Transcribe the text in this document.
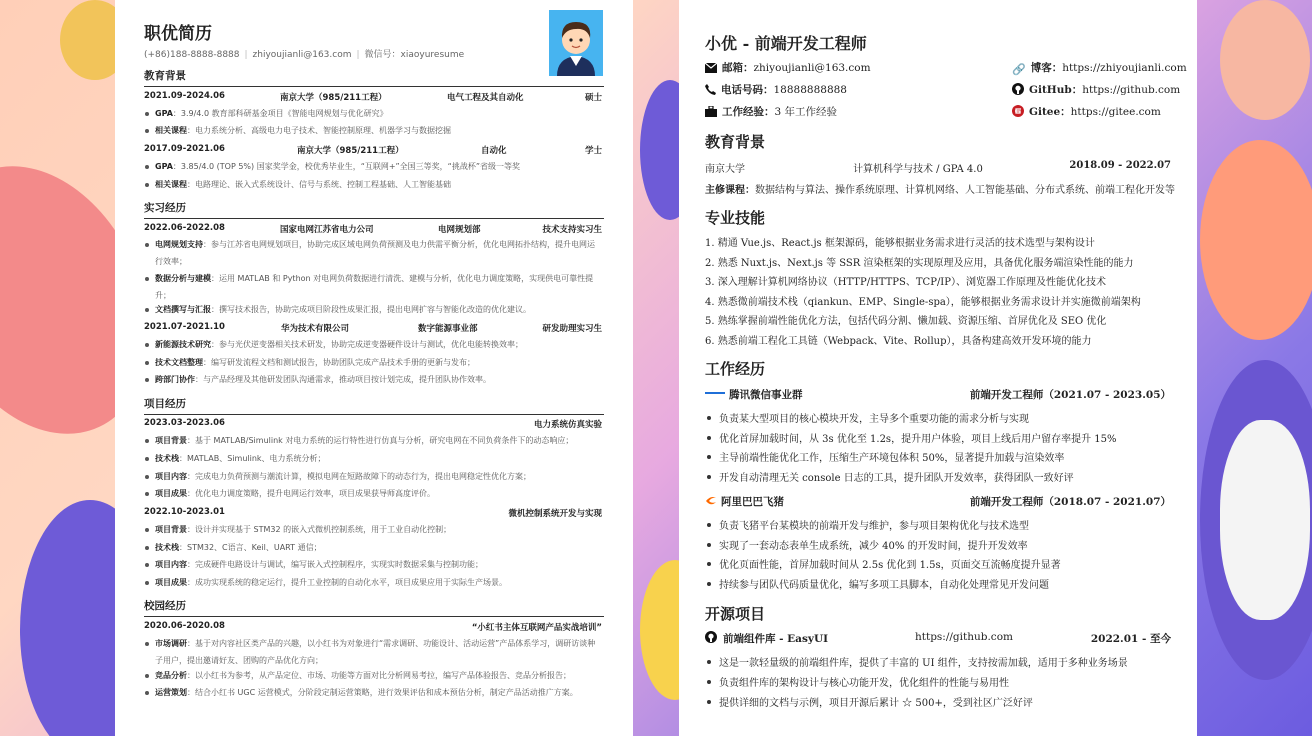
职优简历
(+86)188-8888-8888 | zhiyoujianli@163.com | 微信号：xiaoyuresume
教育背景
2021.09-2024.06	南京大学（985/211工程）	电气工程及其自动化	硕士
GPA：3.9/4.0 教育部科研基金项目《智能电网规划与优化研究》
相关课程：电力系统分析、高级电力电子技术、智能控制原理、机器学习与数据挖掘
2017.09-2021.06	南京大学（985/211工程）	自动化	学士
GPA：3.85/4.0 (TOP 5%) 国家奖学金，校优秀毕业生，“互联网+”全国三等奖，“挑战杯”省级一等奖
相关课程：电路理论、嵌入式系统设计、信号与系统、控制工程基础、人工智能基础
实习经历
2022.06-2022.08	国家电网江苏省电力公司	电网规划部	技术支持实习生
电网规划支持：参与江苏省电网规划项目，协助完成区域电网负荷预测及电力供需平衡分析，优化电网拓扑结构，提升电网运行效率；
数据分析与建模：运用 MATLAB 和 Python 对电网负荷数据进行清洗、建模与分析，优化电力调度策略，实现供电可靠性提升；
文档撰写与汇报：撰写技术报告，协助完成项目阶段性成果汇报，提出电网扩容与智能化改造的优化建议。
2021.07-2021.10	华为技术有限公司	数字能源事业部	研发助理实习生
新能源技术研究：参与光伏逆变器相关技术研发，协助完成逆变器硬件设计与测试，优化电能转换效率；
技术文档整理：编写研发流程文档和测试报告，协助团队完成产品技术手册的更新与发布；
跨部门协作：与产品经理及其他研发团队沟通需求，推动项目按计划完成，提升团队协作效率。
项目经历
2023.03-2023.06	电力系统仿真实验
项目背景：基于 MATLAB/Simulink 对电力系统的运行特性进行仿真与分析，研究电网在不同负荷条件下的动态响应；
技术栈：MATLAB、Simulink、电力系统分析；
项目内容：完成电力负荷预测与潮流计算，模拟电网在短路故障下的动态行为，提出电网稳定性优化方案；
项目成果：优化电力调度策略，提升电网运行效率，项目成果获导师高度评价。
2022.10-2023.01	微机控制系统开发与实现
项目背景：设计并实现基于 STM32 的嵌入式微机控制系统，用于工业自动化控制；
技术栈：STM32、C语言、Keil、UART 通信；
项目内容：完成硬件电路设计与调试，编写嵌入式控制程序，实现实时数据采集与控制功能；
项目成果：成功实现系统的稳定运行，提升工业控制的自动化水平，项目成果应用于实际生产场景。
校园经历
2020.06-2020.08	“小红书主体互联网产品实战培训”
市场调研：基于对内容社区类产品的兴趣，以小红书为对象进行“需求调研、功能设计、活动运营”产品体系学习，调研访谈种子用户，提出邀请好友、团购的产品优化方向；
竞品分析：以小红书为参考，从产品定位、市场、功能等方面对比分析网易考拉，编写产品体验报告、竞品分析报告；
运营策划：结合小红书 UGC 运营模式，分阶段定制运营策略，进行效果评估和成本预估分析，制定产品活动推广方案。
小优 - 前端开发工程师
邮箱：zhiyoujianli@163.com	🔗 博客：https://zhiyoujianli.com
电话号码：18888888888	GitHub：https://github.com
工作经验：3 年工作经验	Gitee：https://gitee.com
教育背景
南京大学	计算机科学与技术 / GPA 4.0	2018.09 - 2022.07
主修课程：数据结构与算法、操作系统原理、计算机网络、人工智能基础、分布式系统、前端工程化开发等
专业技能
1. 精通 Vue.js、React.js 框架源码，能够根据业务需求进行灵活的技术选型与架构设计
2. 熟悉 Nuxt.js、Next.js 等 SSR 渲染框架的实现原理及应用，具备优化服务端渲染性能的能力
3. 深入理解计算机网络协议（HTTP/HTTPS、TCP/IP）、浏览器工作原理及性能优化技术
4. 熟悉微前端技术栈（qiankun、EMP、Single-spa），能够根据业务需求设计并实施微前端架构
5. 熟练掌握前端性能优化方法，包括代码分割、懒加载、资源压缩、首屏优化及 SEO 优化
6. 熟悉前端工程化工具链（Webpack、Vite、Rollup），具备构建高效开发环境的能力
工作经历
腾讯微信事业群	前端开发工程师（2021.07 - 2023.05）
负责某大型项目的核心模块开发，主导多个重要功能的需求分析与实现
优化首屏加载时间，从 3s 优化至 1.2s，提升用户体验，项目上线后用户留存率提升 15%
主导前端性能优化工作，压缩生产环境包体积 50%，显著提升加载与渲染效率
开发自动清理无关 console 日志的工具，提升团队开发效率，获得团队一致好评
阿里巴巴飞猪	前端开发工程师（2018.07 - 2021.07）
负责飞猪平台某模块的前端开发与维护，参与项目架构优化与技术选型
实现了一套动态表单生成系统，减少 40% 的开发时间，提升开发效率
优化页面性能，首屏加载时间从 2.5s 优化到 1.5s，页面交互流畅度提升显著
持续参与团队代码质量优化，编写多项工具脚本，自动化处理常见开发问题
开源项目
前端组件库 - EasyUI	https://github.com	2022.01 - 至今
这是一款轻量级的前端组件库，提供了丰富的 UI 组件，支持按需加载，适用于多种业务场景
负责组件库的架构设计与核心功能开发，优化组件的性能与易用性
提供详细的文档与示例，项目开源后累计 ☆ 500+，受到社区广泛好评
